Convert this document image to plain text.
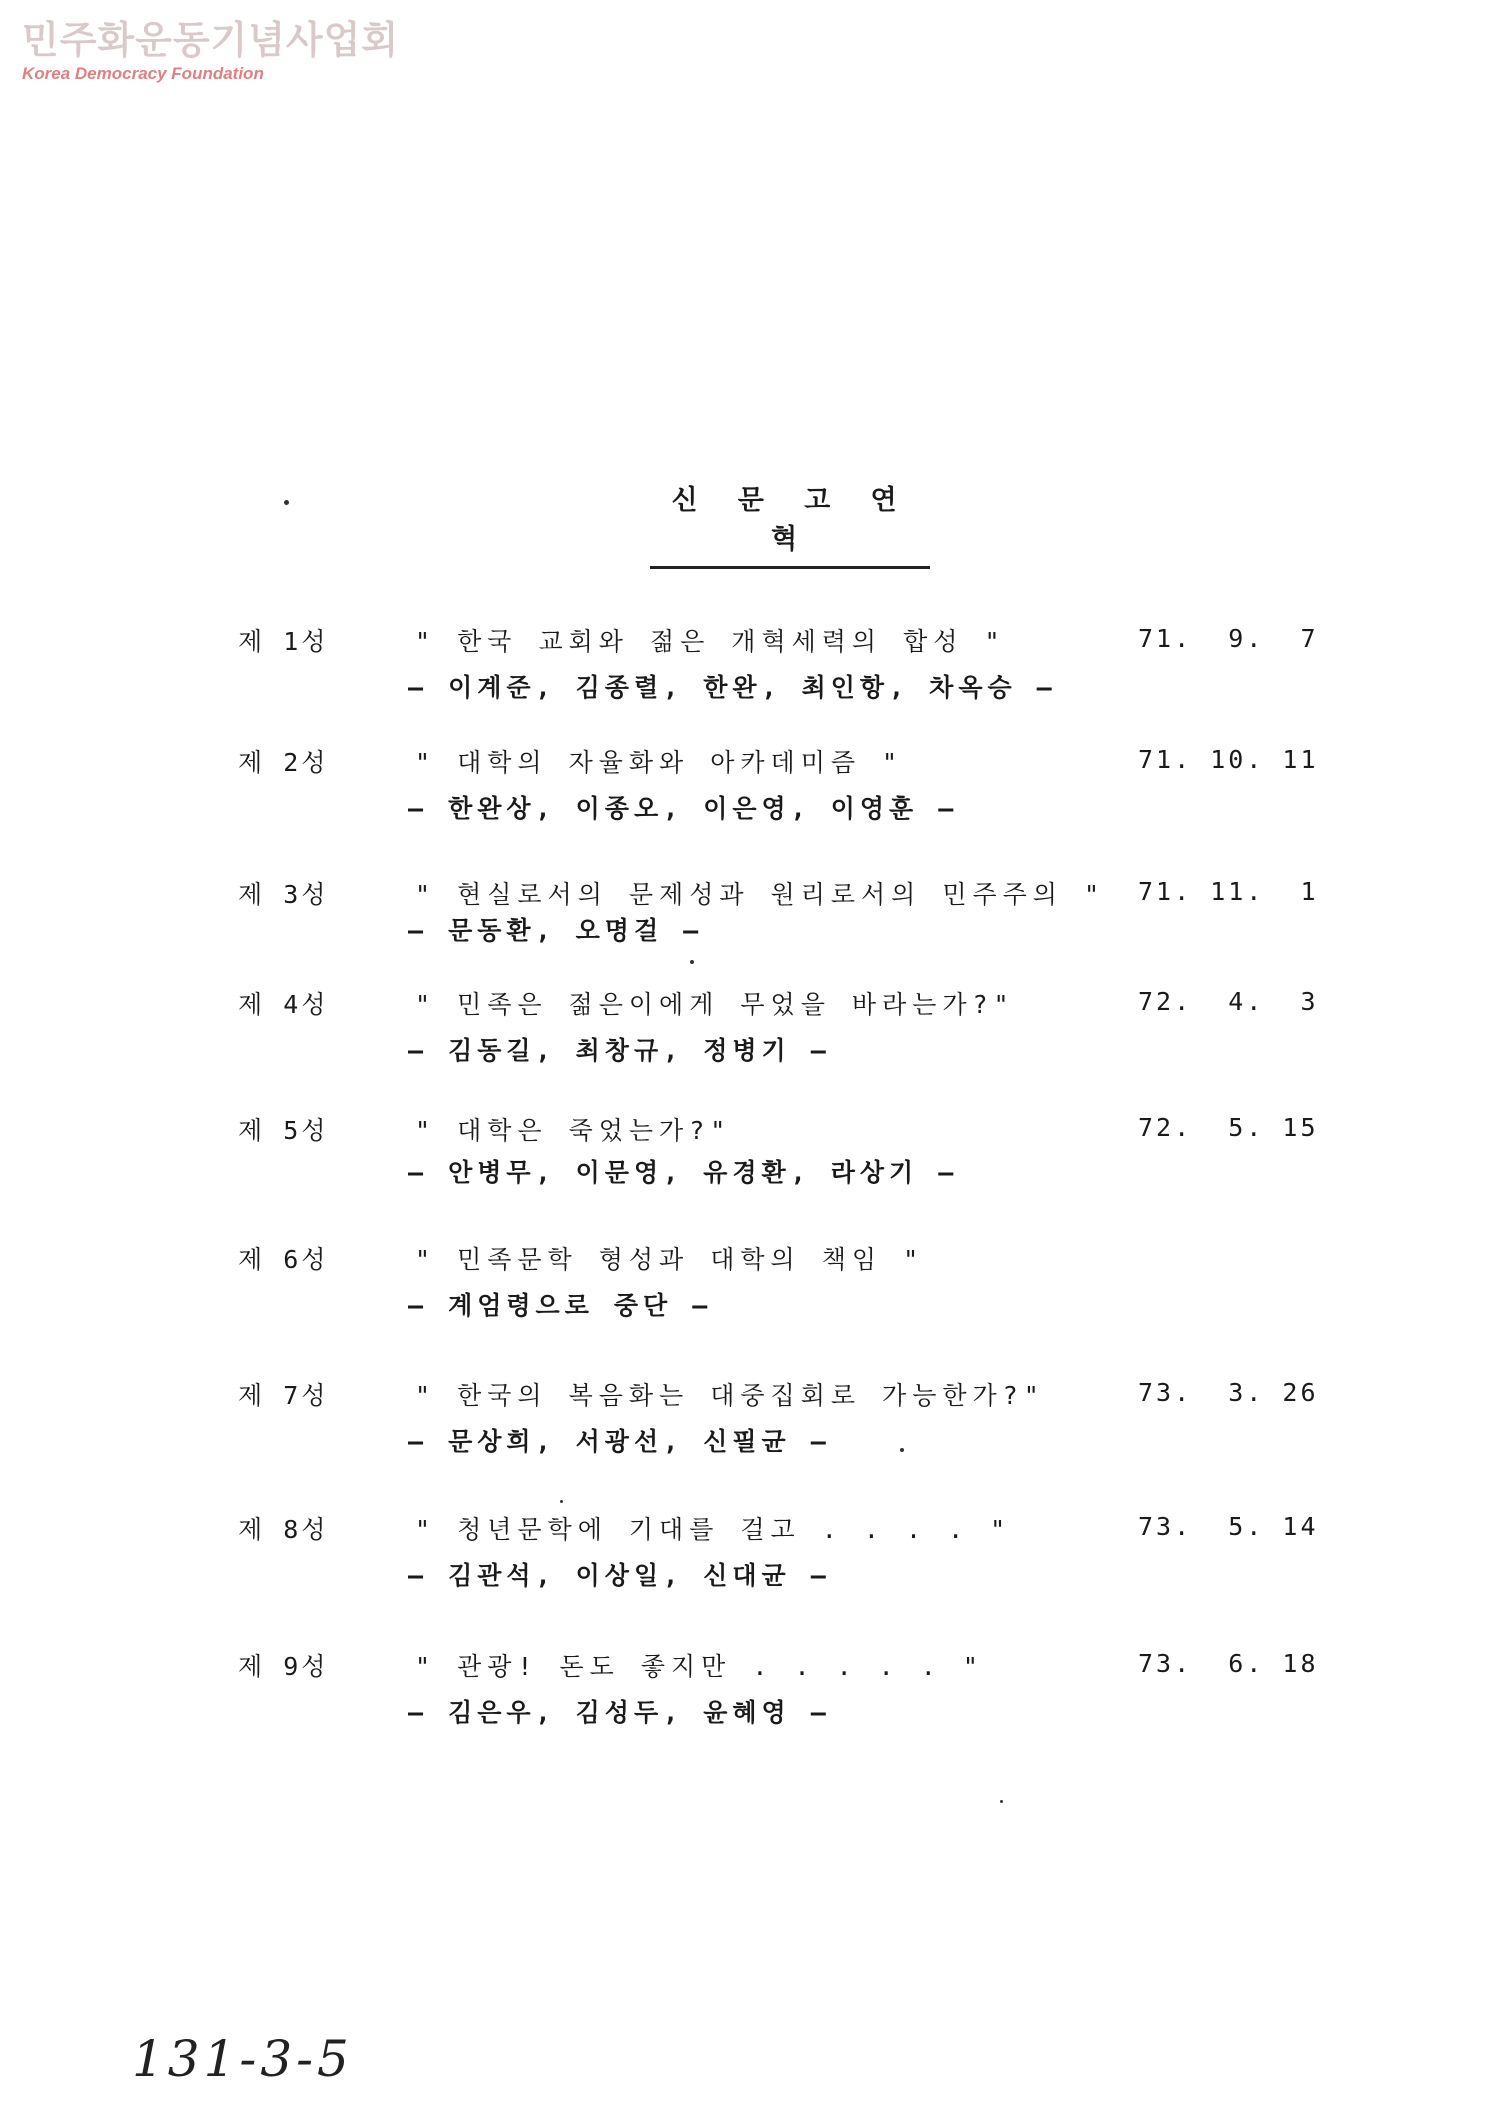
민주화운동기념사업회
Korea Democracy Foundation
신 문 고 연 혁
제 1성	" 한국 교회와 젊은 개혁세력의 합성 "
— 이계준, 김종렬, 한완, 최인항, 차옥승 —
71.  9.  7
제 2성	" 대학의 자율화와 아카데미즘 "
— 한완상, 이종오, 이은영, 이영훈 —
71. 10. 11
제 3성	" 현실로서의 문제성과 원리로서의 민주주의 "
— 문동환, 오명걸 —
71. 11.  1
제 4성	" 민족은 젊은이에게 무었을 바라는가?"
— 김동길, 최창규, 정병기 —
72.  4.  3
제 5성	" 대학은 죽었는가?"
— 안병무, 이문영, 유경환, 라상기 —
72.  5. 15
제 6성	" 민족문학 형성과 대학의 책임 "
— 계엄령으로 중단 —
제 7성	" 한국의 복음화는 대중집회로 가능한가?"
— 문상희, 서광선, 신필균 —
73.  3. 26
제 8성	" 청년문학에 기대를 걸고 . . . . "
— 김관석, 이상일, 신대균 —
73.  5. 14
제 9성	" 관광! 돈도 좋지만 . . . . . "
— 김은우, 김성두, 윤혜영 —
73.  6. 18
131-3-5
